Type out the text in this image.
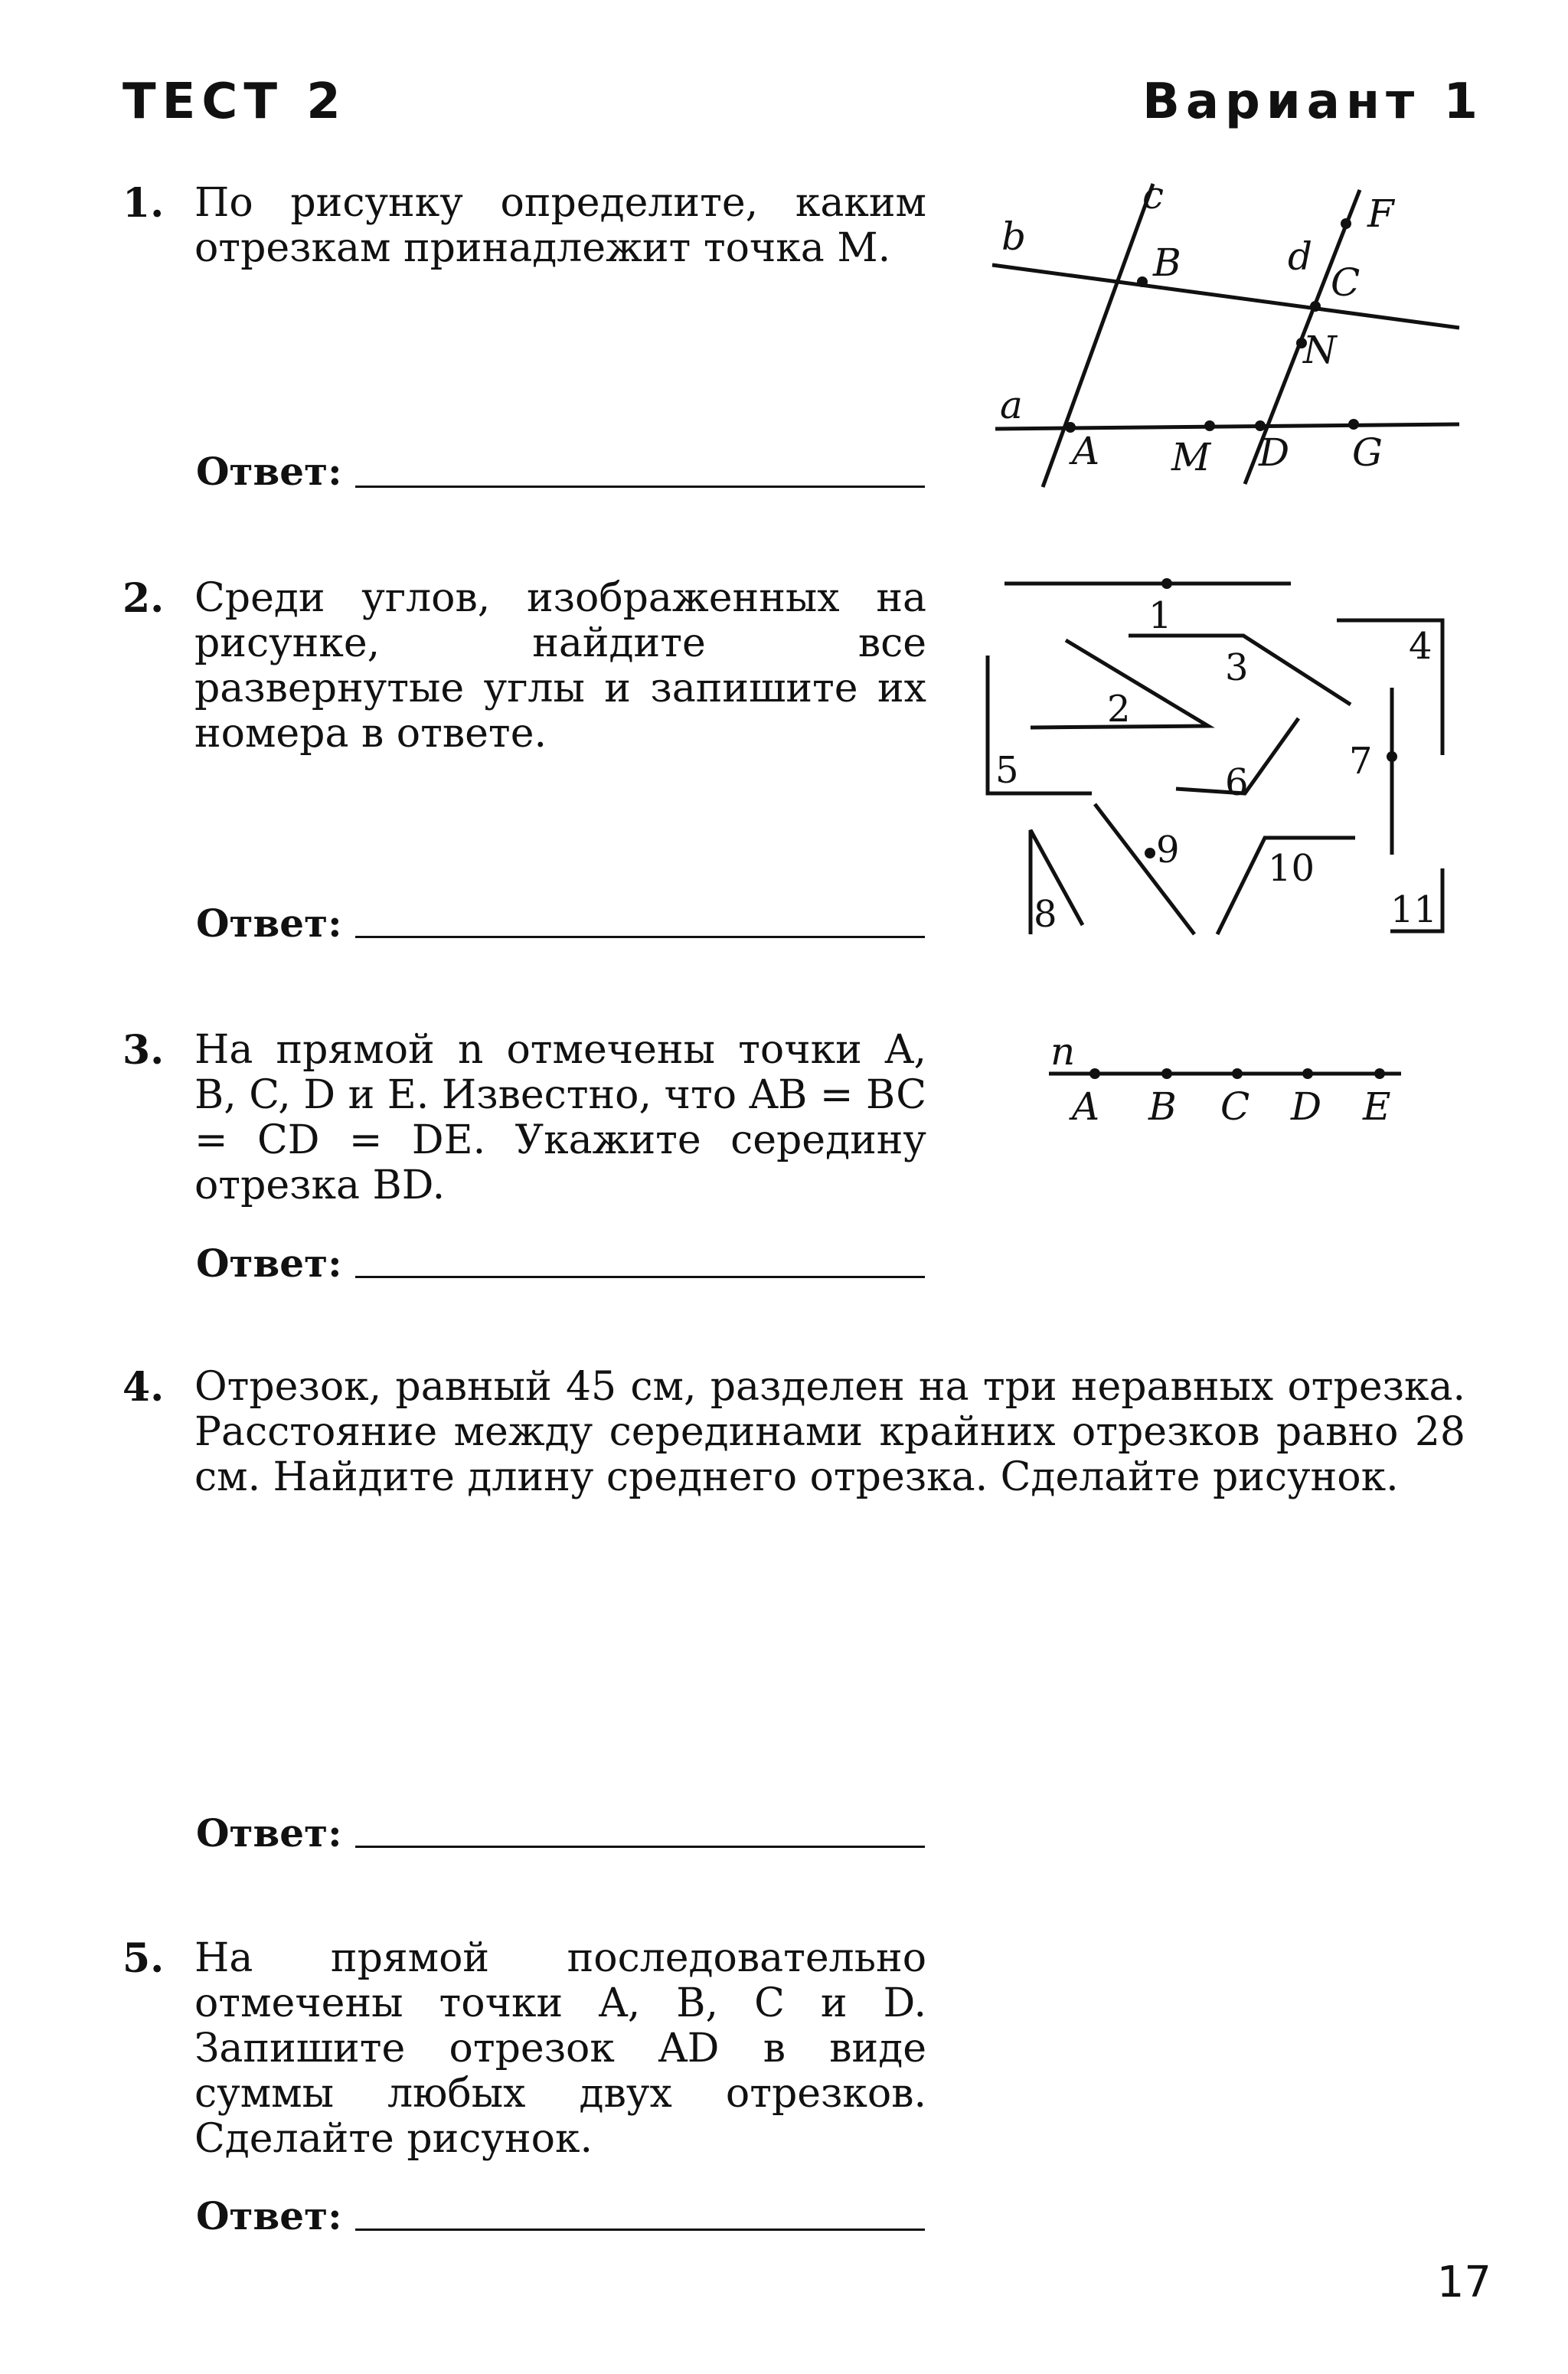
ТЕСТ 2	Вариант 1
1. По рисунку определите, каким отрезкам принадлежит точка M.

Ответ:
c	F
b
B	d
C
N
a
A M D G
2. Среди углов, изображенных на рисунке, найдите все развернутые углы и запишите их номера в ответе.

Ответ:
1
2
3	4
5	6	7
8
9 10
11
3. На прямой n отмечены точки A, B, C, D и E. Известно, что AB = BC = CD = DE. Укажите середину отрезка BD.

Ответ:
n
A B C D E
4. Отрезок, равный 45 см, разделен на три неравных отрезка. Расстояние между серединами крайних отрезков равно 28 см. Найдите длину среднего отрезка. Сделайте рисунок.

Ответ:
5. На прямой последовательно отмечены точки A, B, C и D. Запишите отрезок AD в виде суммы любых двух отрезков. Сделайте рисунок.

Ответ:
17
